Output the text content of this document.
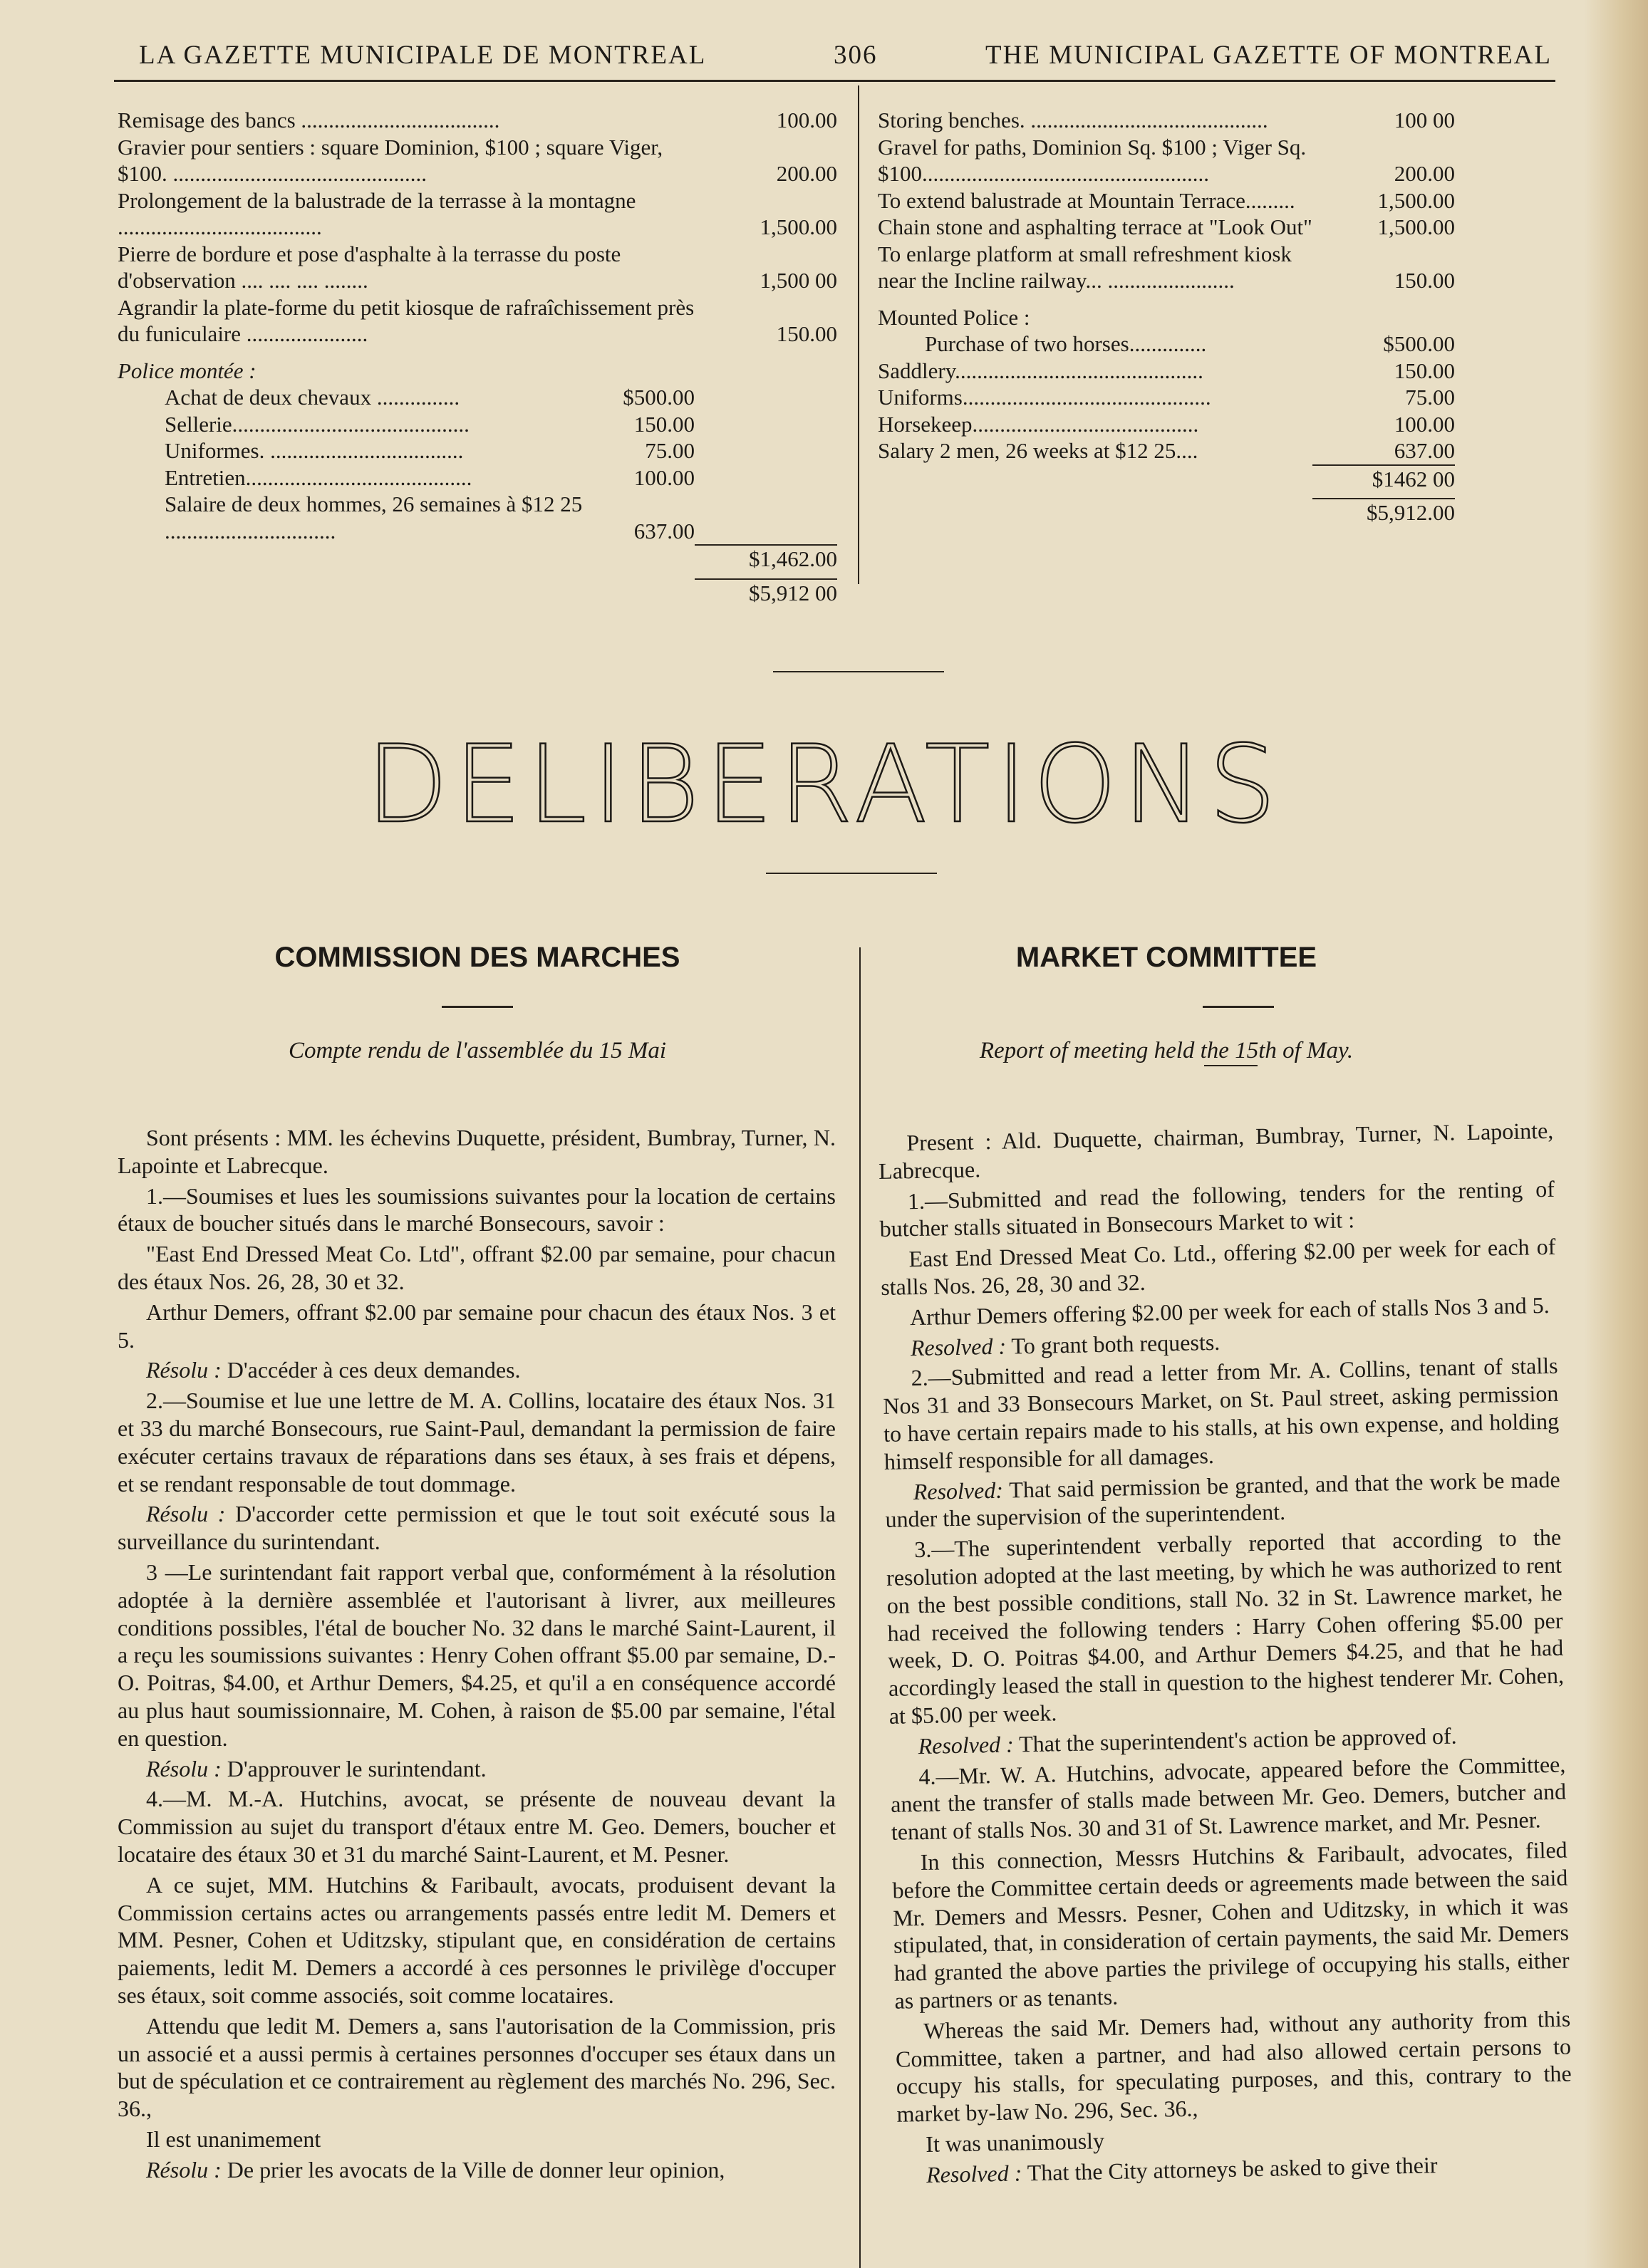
LA GAZETTE MUNICIPALE DE MONTREAL	306	THE MUNICIPAL GAZETTE OF MONTREAL
Remisage des bancs ....................................	100.00
Gravier pour sentiers : square Dominion, $100 ; square Viger, $100. ..............................................	200.00
Prolongement de la balustrade de la terrasse à la montagne .....................................	1,500.00
Pierre de bordure et pose d'asphalte à la terrasse du poste d'observation .... .... .... ........	1,500 00
Agrandir la plate-forme du petit kiosque de rafraîchissement près du funiculaire ......................	150.00
Police montée :
Achat de deux chevaux ...............	$500.00
Sellerie...........................................	150.00
Uniformes. ...................................	75.00
Entretien.........................................	100.00
Salaire de deux hommes, 26 semaines à $12 25 ...............................	637.00
$1,462.00
$5,912 00
Storing benches. ...........................................	100 00
Gravel for paths, Dominion Sq. $100 ; Viger Sq. $100....................................................	200.00
To extend balustrade at Mountain Terrace.........	1,500.00
Chain stone and asphalting terrace at "Look Out"	1,500.00
To enlarge platform at small refreshment kiosk near the Incline railway... .......................	150.00
Mounted Police :
Purchase of two horses..............	$500.00
Saddlery.............................................	150.00
Uniforms.............................................	75.00
Horsekeep.........................................	100.00
Salary 2 men, 26 weeks at $12 25....	637.00
$1462 00
$5,912.00
DELIBERATIONS
COMMISSION DES MARCHES
Compte rendu de l'assemblée du 15 Mai
MARKET COMMITTEE
Report of meeting held the 15th of May.

Sont présents : MM. les échevins Duquette, président, Bumbray, Turner, N. Lapointe et Labrecque.

1.—Soumises et lues les soumissions suivantes pour la location de certains étaux de boucher situés dans le marché Bonsecours, savoir :

"East End Dressed Meat Co. Ltd", offrant $2.00 par semaine, pour chacun des étaux Nos. 26, 28, 30 et 32.

Arthur Demers, offrant $2.00 par semaine pour chacun des étaux Nos. 3 et 5.

Résolu : D'accéder à ces deux demandes.

2.—Soumise et lue une lettre de M. A. Collins, locataire des étaux Nos. 31 et 33 du marché Bonsecours, rue Saint-Paul, demandant la permission de faire exécuter certains travaux de réparations dans ses étaux, à ses frais et dépens, et se rendant responsable de tout dommage.

Résolu : D'accorder cette permission et que le tout soit exécuté sous la surveillance du surintendant.

3 —Le surintendant fait rapport verbal que, conformément à la résolution adoptée à la dernière assemblée et l'autorisant à livrer, aux meilleures conditions possibles, l'étal de boucher No. 32 dans le marché Saint-Laurent, il a reçu les soumissions suivantes : Henry Cohen offrant $5.00 par semaine, D.-O. Poitras, $4.00, et Arthur Demers, $4.25, et qu'il a en conséquence accordé au plus haut soumissionnaire, M. Cohen, à raison de $5.00 par semaine, l'étal en question.

Résolu : D'approuver le surintendant.

4.—M. M.-A. Hutchins, avocat, se présente de nouveau devant la Commission au sujet du transport d'étaux entre M. Geo. Demers, boucher et locataire des étaux 30 et 31 du marché Saint-Laurent, et M. Pesner.

A ce sujet, MM. Hutchins & Faribault, avocats, produisent devant la Commission certains actes ou arrangements passés entre ledit M. Demers et MM. Pesner, Cohen et Uditzsky, stipulant que, en considération de certains paiements, ledit M. Demers a accordé à ces personnes le privilège d'occuper ses étaux, soit comme associés, soit comme locataires.

Attendu que ledit M. Demers a, sans l'autorisation de la Commission, pris un associé et a aussi permis à certaines personnes d'occuper ses étaux dans un but de spéculation et ce contrairement au règlement des marchés No. 296, Sec. 36.,

Il est unanimement

Résolu : De prier les avocats de la Ville de donner leur opinion,

Present : Ald. Duquette, chairman, Bumbray, Turner, N. Lapointe, Labrecque.

1.—Submitted and read the following, tenders for the renting of butcher stalls situated in Bonsecours Market to wit :

East End Dressed Meat Co. Ltd., offering $2.00 per week for each of stalls Nos. 26, 28, 30 and 32.

Arthur Demers offering $2.00 per week for each of stalls Nos 3 and 5.

Resolved : To grant both requests.

2.—Submitted and read a letter from Mr. A. Collins, tenant of stalls Nos 31 and 33 Bonsecours Market, on St. Paul street, asking permission to have certain repairs made to his stalls, at his own expense, and holding himself responsible for all damages.

Resolved: That said permission be granted, and that the work be made under the supervision of the superintendent.

3.—The superintendent verbally reported that according to the resolution adopted at the last meeting, by which he was authorized to rent on the best possible conditions, stall No. 32 in St. Lawrence market, he had received the following tenders : Harry Cohen offering $5.00 per week, D. O. Poitras $4.00, and Arthur Demers $4.25, and that he had accordingly leased the stall in question to the highest tenderer Mr. Cohen, at $5.00 per week.

Resolved : That the superintendent's action be approved of.

4.—Mr. W. A. Hutchins, advocate, appeared before the Committee, anent the transfer of stalls made between Mr. Geo. Demers, butcher and tenant of stalls Nos. 30 and 31 of St. Lawrence market, and Mr. Pesner.

In this connection, Messrs Hutchins & Faribault, advocates, filed before the Committee certain deeds or agreements made between the said Mr. Demers and Messrs. Pesner, Cohen and Uditzsky, in which it was stipulated, that, in consideration of certain payments, the said Mr. Demers had granted the above parties the privilege of occupying his stalls, either as partners or as tenants.

Whereas the said Mr. Demers had, without any authority from this Committee, taken a partner, and had also allowed certain persons to occupy his stalls, for speculating purposes, and this, contrary to the market by-law No. 296, Sec. 36.,

It was unanimously

Resolved : That the City attorneys be asked to give their
